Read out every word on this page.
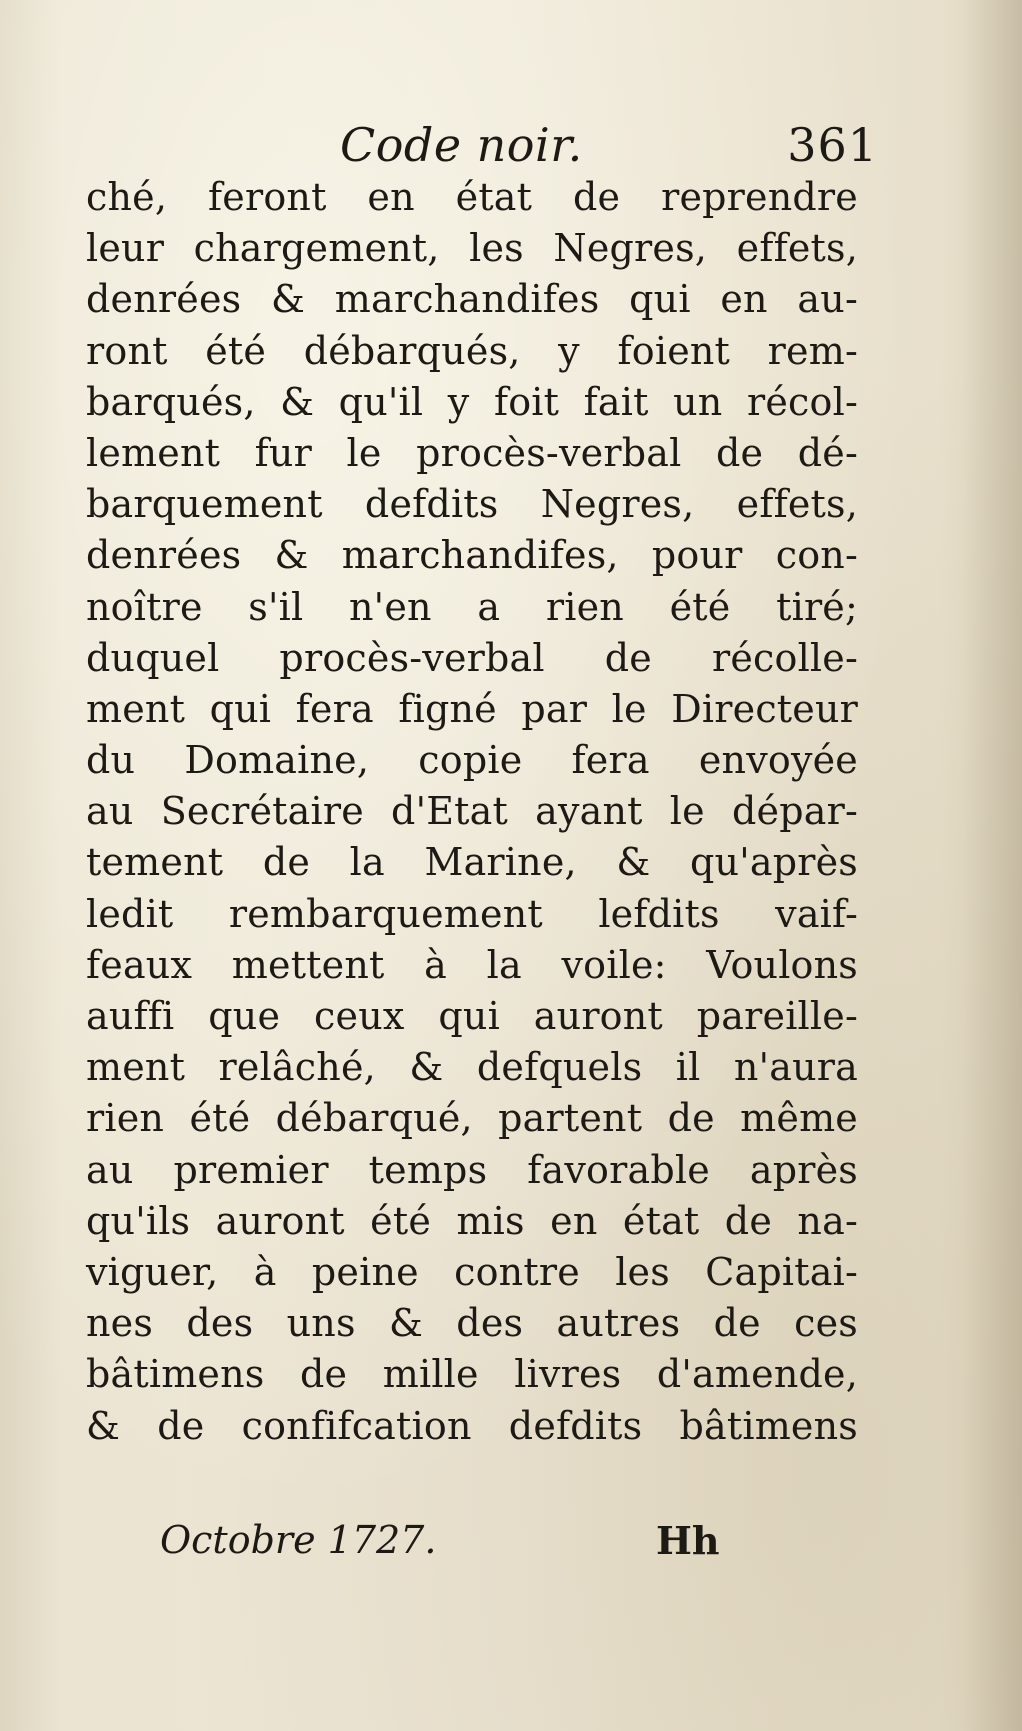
Code noir.	361
ché, feront en état de reprendre
leur chargement, les Negres, effets,
denrées & marchandifes qui en au-
ront été débarqués, y foient rem-
barqués, & qu'il y foit fait un récol-
lement fur le procès-verbal de dé-
barquement defdits Negres, effets,
denrées & marchandifes, pour con-
noître s'il n'en a rien été tiré;
duquel procès-verbal de récolle-
ment qui fera figné par le Directeur
du Domaine, copie fera envoyée
au Secrétaire d'Etat ayant le dépar-
tement de la Marine, & qu'après
ledit rembarquement lefdits vaif-
feaux mettent à la voile: Voulons
auffi que ceux qui auront pareille-
ment relâché, & defquels il n'aura
rien été débarqué, partent de même
au premier temps favorable après
qu'ils auront été mis en état de na-
viguer, à peine contre les Capitai-
nes des uns & des autres de ces
bâtimens de mille livres d'amende,
& de confifcation defdits bâtimens
Octobre 1727.	Hh
